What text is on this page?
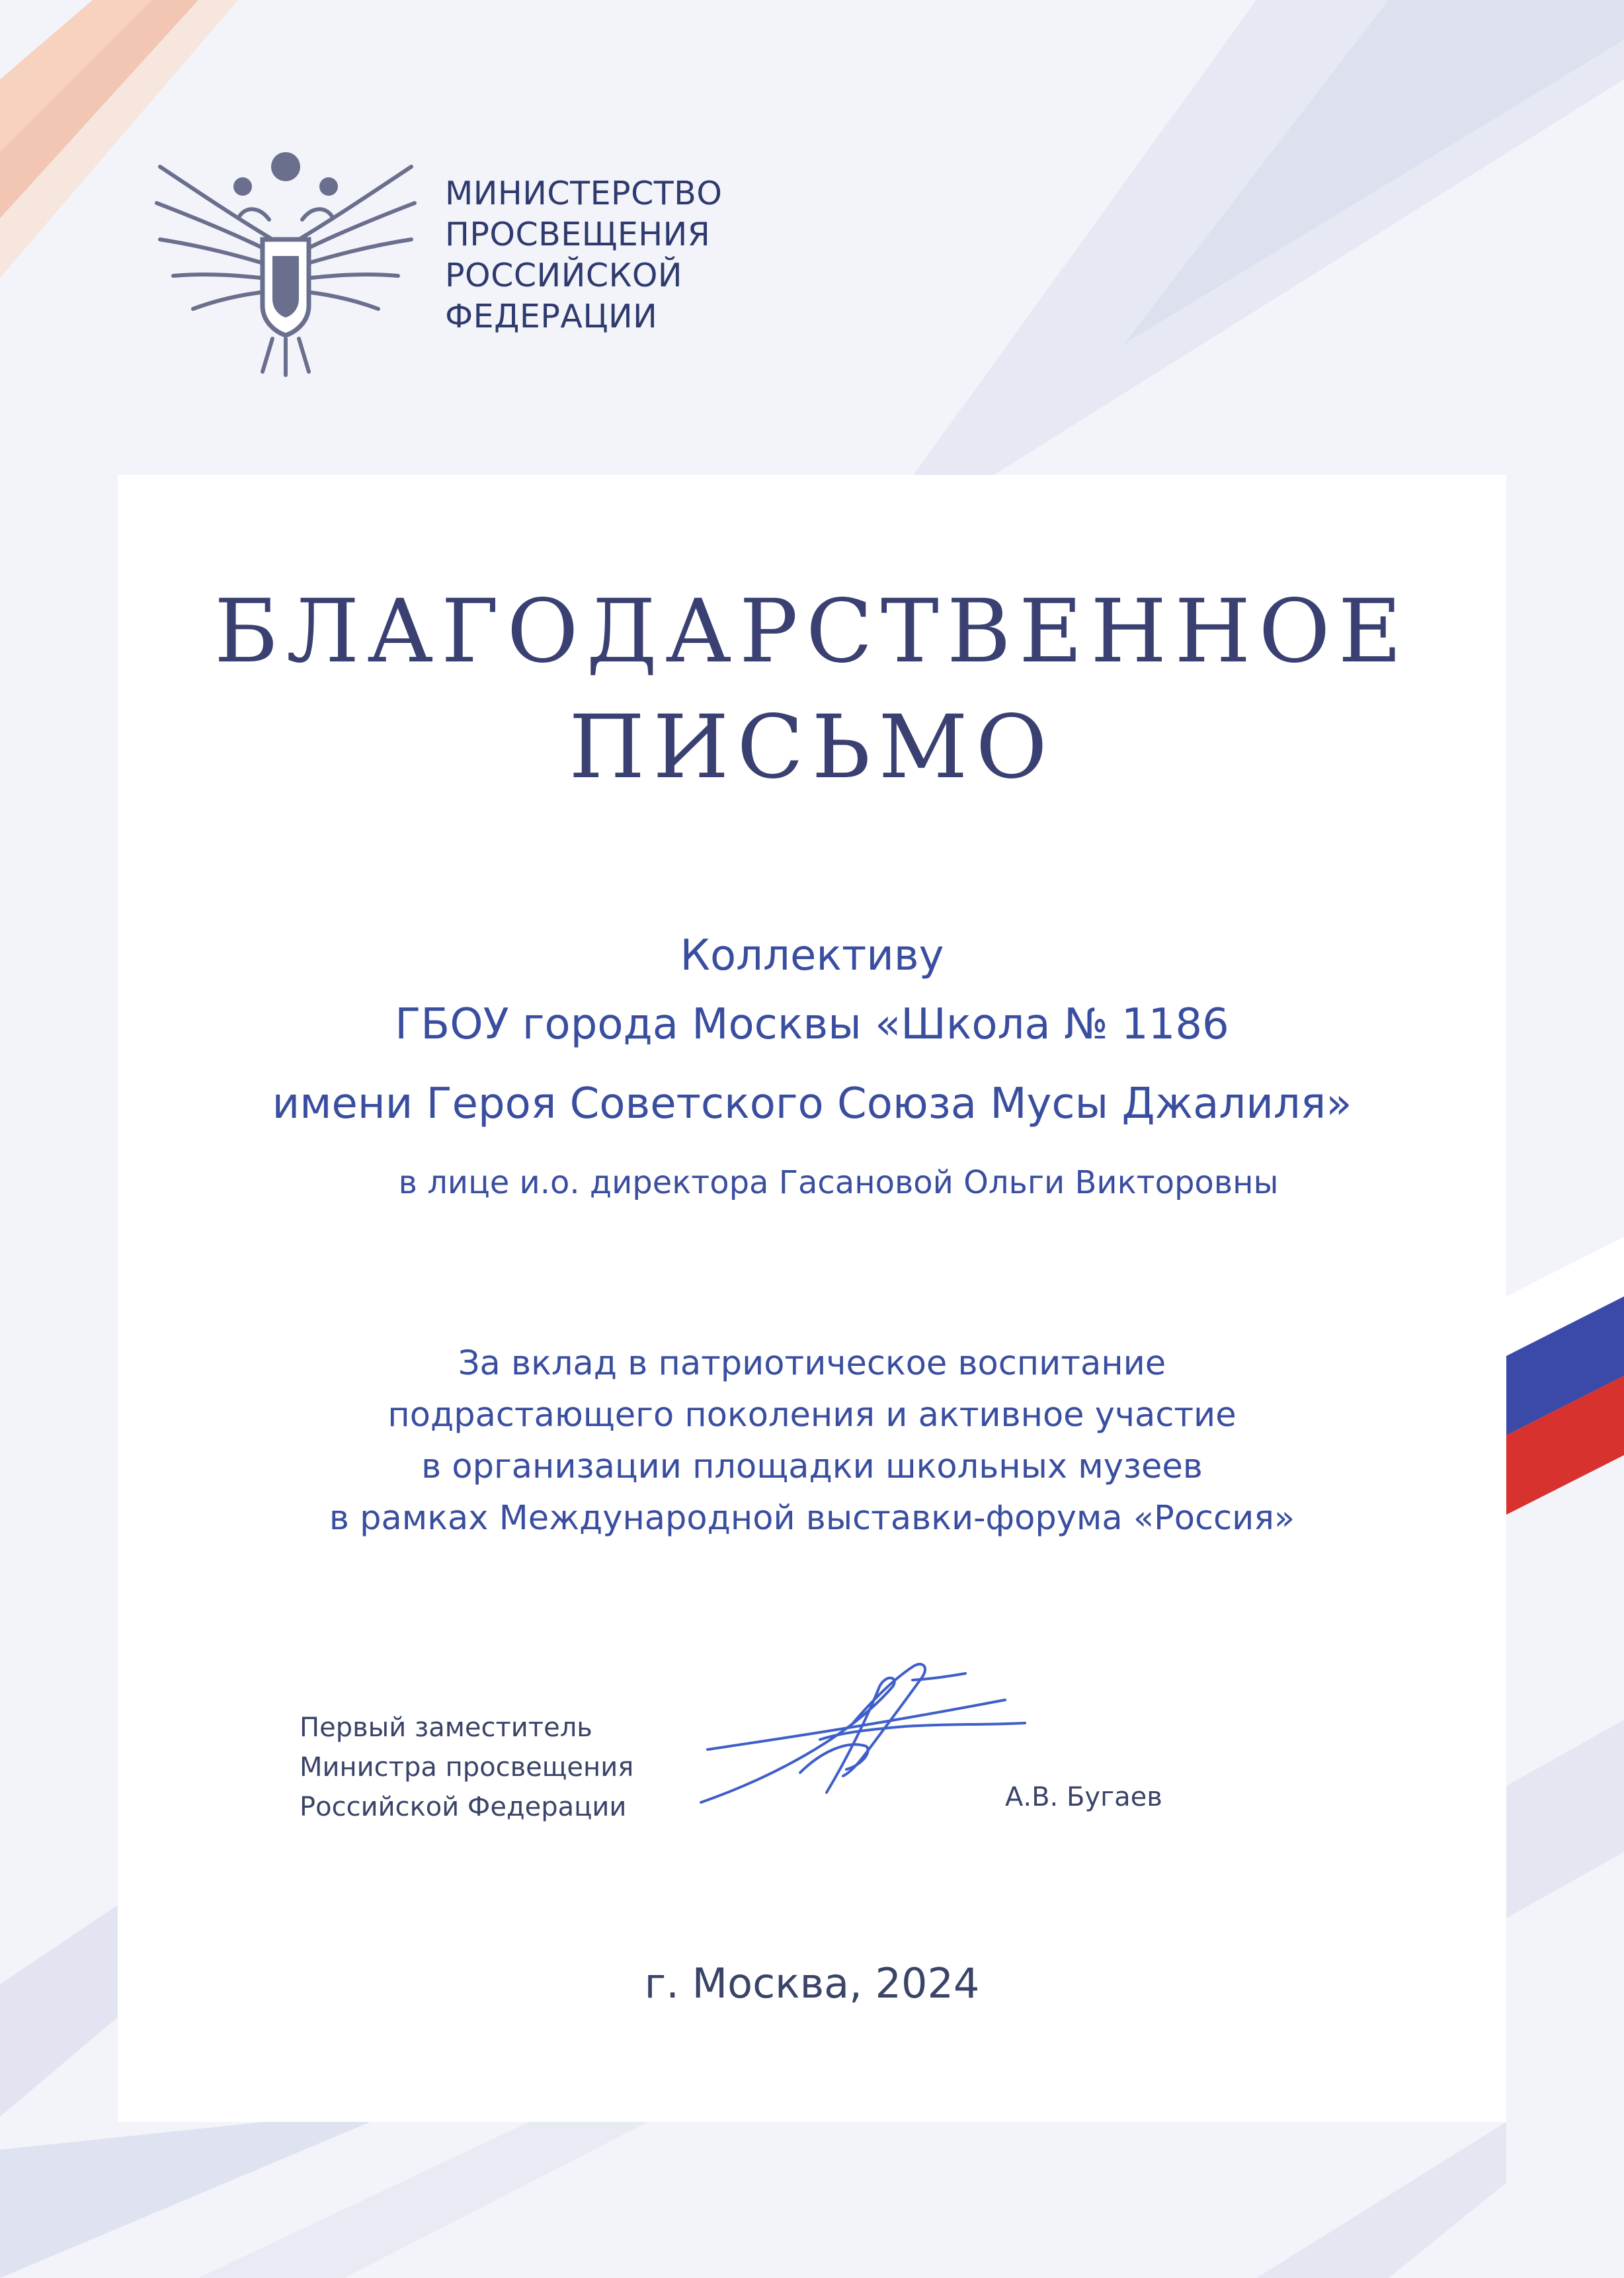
МИНИСТЕРСТВО
ПРОСВЕЩЕНИЯ
РОССИЙСКОЙ
ФЕДЕРАЦИИ
БЛАГОДАРСТВЕННОЕ
ПИСЬМО
Коллективу
ГБОУ города Москвы «Школа № 1186
имени Героя Советского Союза Мусы Джалиля»
в лице и.о. директора Гасановой Ольги Викторовны
За вклад в патриотическое воспитание
подрастающего поколения и активное участие
в организации площадки школьных музеев
в рамках Международной выставки-форума «Россия»
Первый заместитель
Министра просвещения
Российской Федерации	А.В. Бугаев
г. Москва, 2024
